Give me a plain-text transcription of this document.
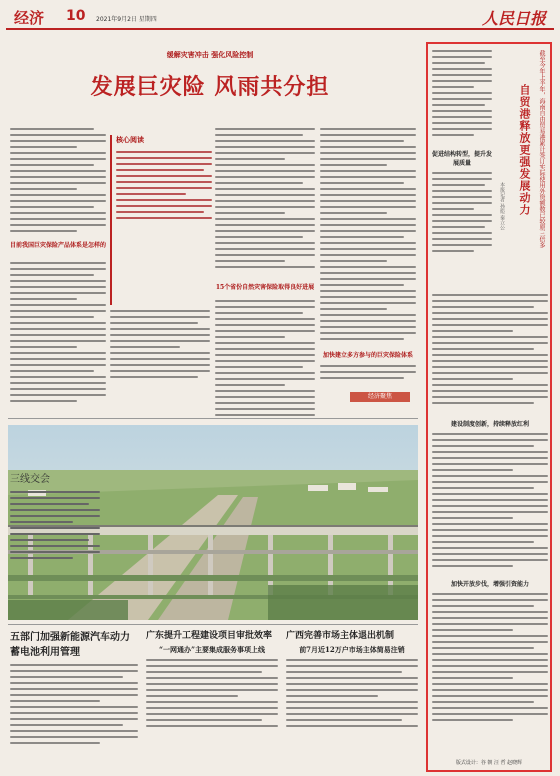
经济 10 2021年9月2日 星期四	人民日报
缓解灾害冲击 强化风险控制
发展巨灾险 风雨共分担
目前我国巨灾保险产品体系是怎样的
核心阅读
15个省份自然灾害保险取得良好进展
加快建立多方参与的巨灾保险体系
经济聚焦
三线交会
五部门加强新能源汽车动力蓄电池利用管理
广东提升工程建设项目审批效率
“一网通办”主要集成服务事项上线
广西完善市场主体退出机制
前7月近12万户市场主体简易注销
截至今年上半年，海南自由贸易港累计签订实际使用外资额数已较原三倍多
自贸港释放更强发展动力
本报记者 孙彪 秦立公
促进结构转型，提升发展质量
建设制度创新，持续释放红利
加快开放步伐，增强引资能力
版式设计：谷 朝 汪 哲 赵晓辉
